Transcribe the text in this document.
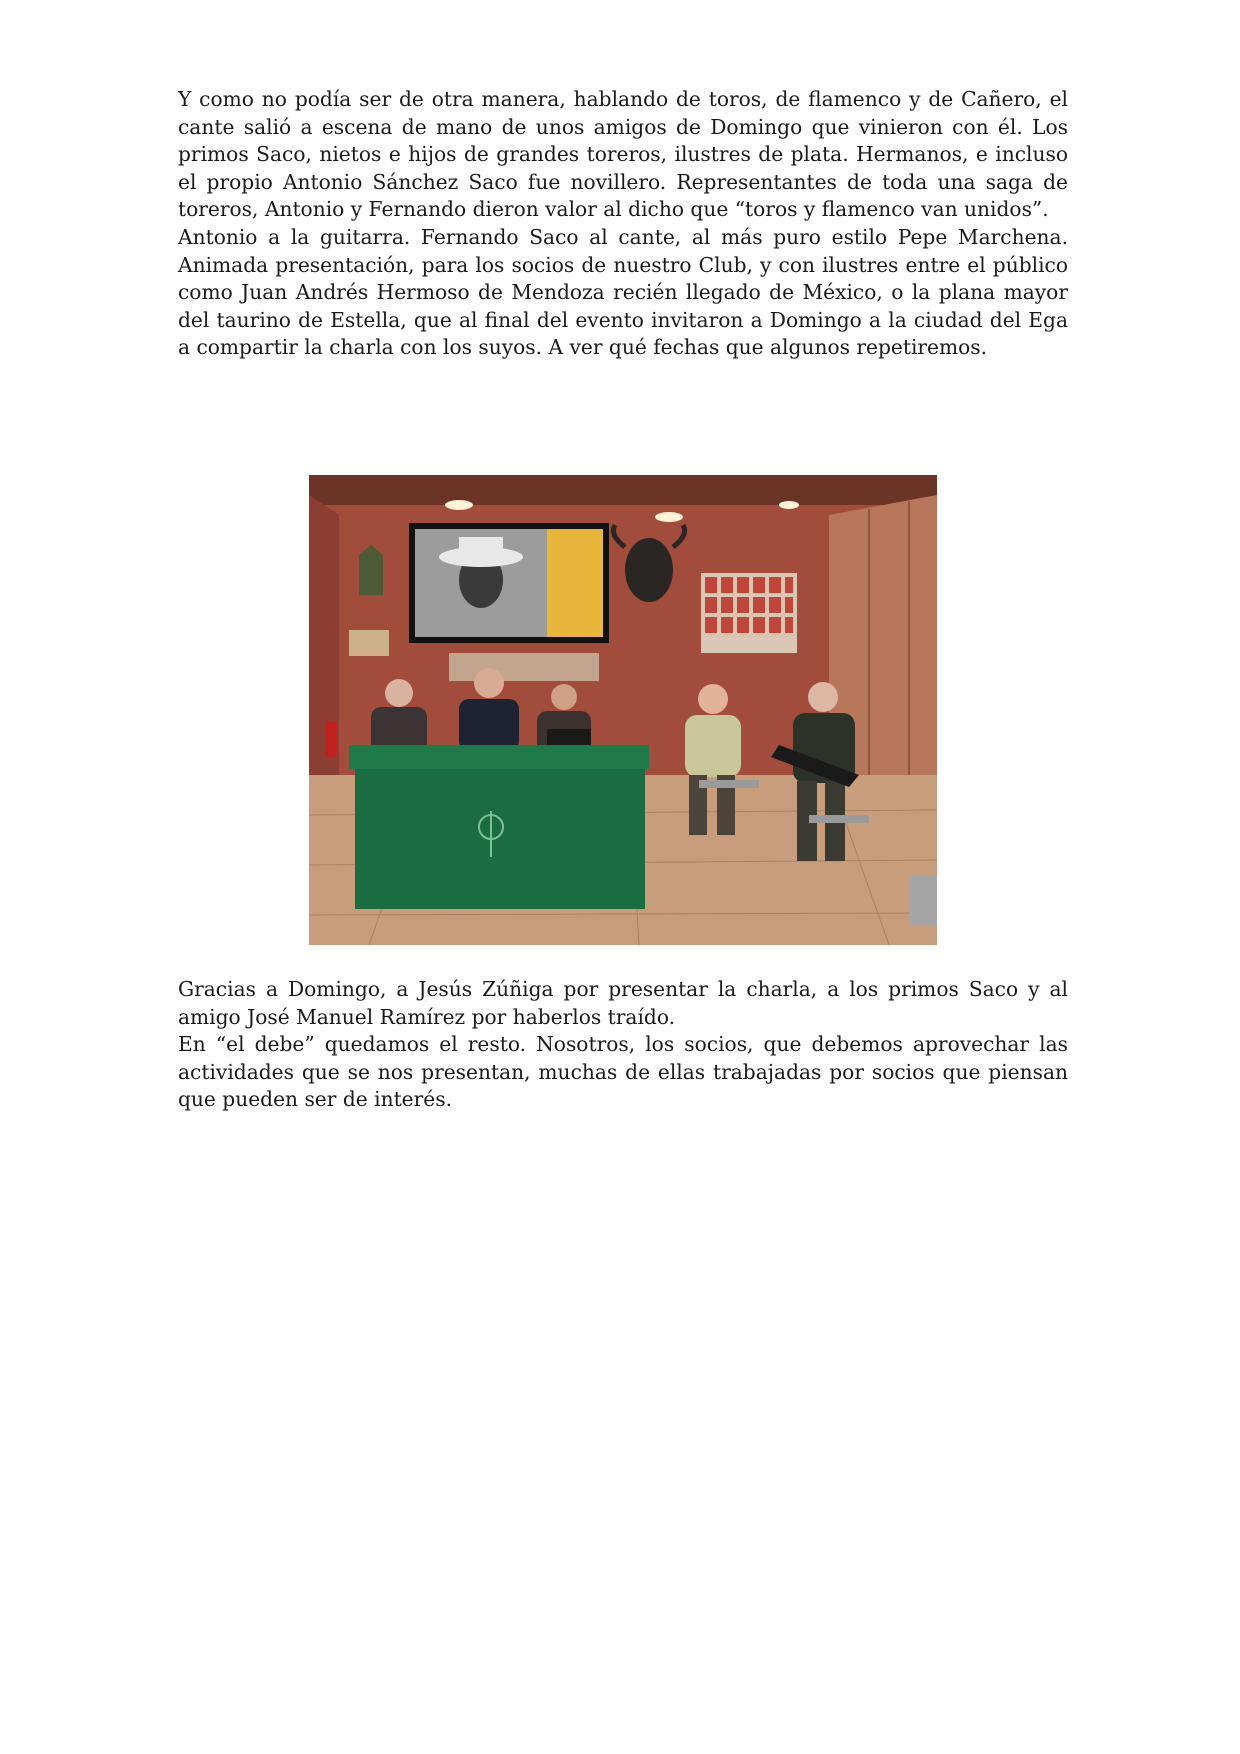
Y como no podía ser de otra manera, hablando de toros, de flamenco y de Cañero, el cante salió a escena de mano de unos amigos de Domingo que vinieron con él. Los primos Saco, nietos e hijos de grandes toreros, ilustres de plata. Hermanos, e incluso el propio Antonio Sánchez Saco fue novillero. Representantes de toda una saga de toreros, Antonio y Fernando dieron valor al dicho que “toros y flamenco van unidos”.

Antonio a la guitarra. Fernando Saco al cante, al más puro estilo Pepe Marchena. Animada presentación, para los socios de nuestro Club, y con ilustres entre el público como Juan Andrés Hermoso de Mendoza recién llegado de México, o la plana mayor del taurino de Estella, que al final del evento invitaron a Domingo a la ciudad del Ega a compartir la charla con los suyos. A ver qué fechas que algunos repetiremos.

Gracias a Domingo, a Jesús Zúñiga por presentar la charla, a los primos Saco y al amigo José Manuel Ramírez por haberlos traído.

En “el debe” quedamos el resto. Nosotros, los socios, que debemos aprovechar las actividades que se nos presentan, muchas de ellas trabajadas por socios que piensan que pueden ser de interés.
